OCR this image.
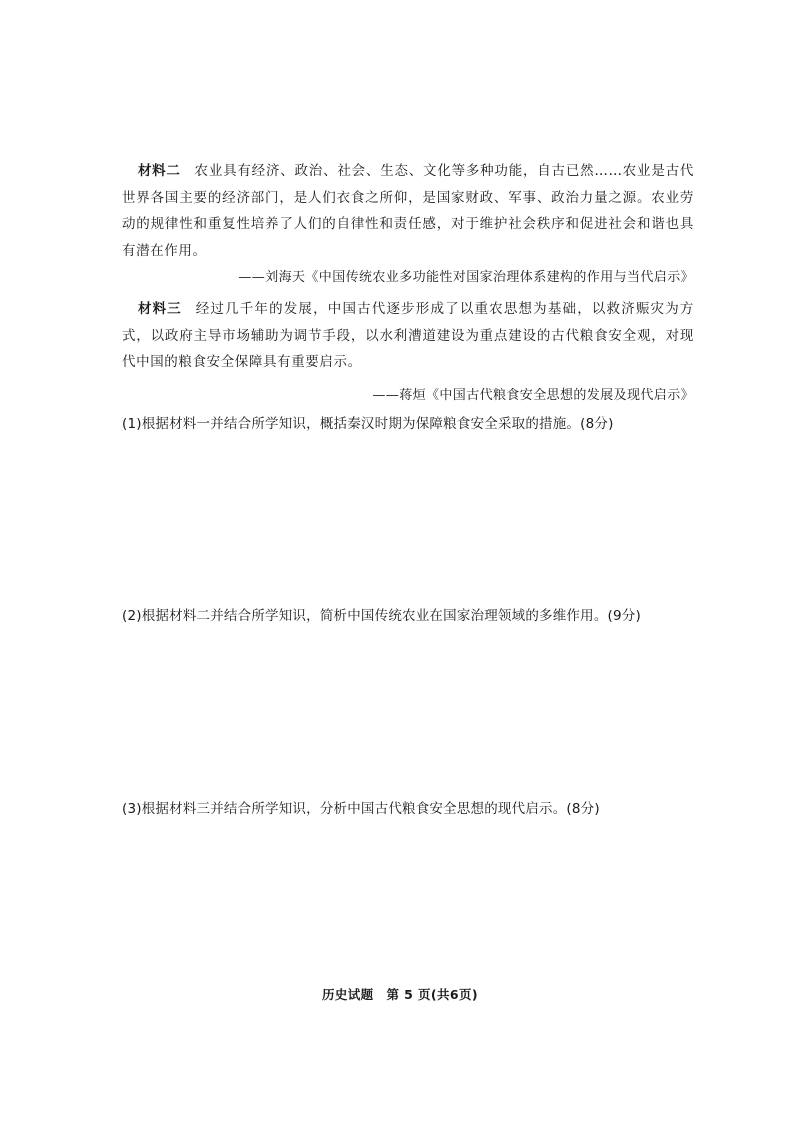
材料二 农业具有经济、政治、社会、生态、文化等多种功能，自古已然……农业是古代世界各国主要的经济部门，是人们衣食之所仰，是国家财政、军事、政治力量之源。农业劳动的规律性和重复性培养了人们的自律性和责任感，对于维护社会秩序和促进社会和谐也具有潜在作用。
——刘海天《中国传统农业多功能性对国家治理体系建构的作用与当代启示》
材料三 经过几千年的发展，中国古代逐步形成了以重农思想为基础，以救济赈灾为方式，以政府主导市场辅助为调节手段，以水利漕道建设为重点建设的古代粮食安全观，对现代中国的粮食安全保障具有重要启示。
——蒋烜《中国古代粮食安全思想的发展及现代启示》
(1)根据材料一并结合所学知识，概括秦汉时期为保障粮食安全采取的措施。(8分)
(2)根据材料二并结合所学知识，简析中国传统农业在国家治理领域的多维作用。(9分)
(3)根据材料三并结合所学知识，分析中国古代粮食安全思想的现代启示。(8分)
历史试题　第 5 页(共6页)
